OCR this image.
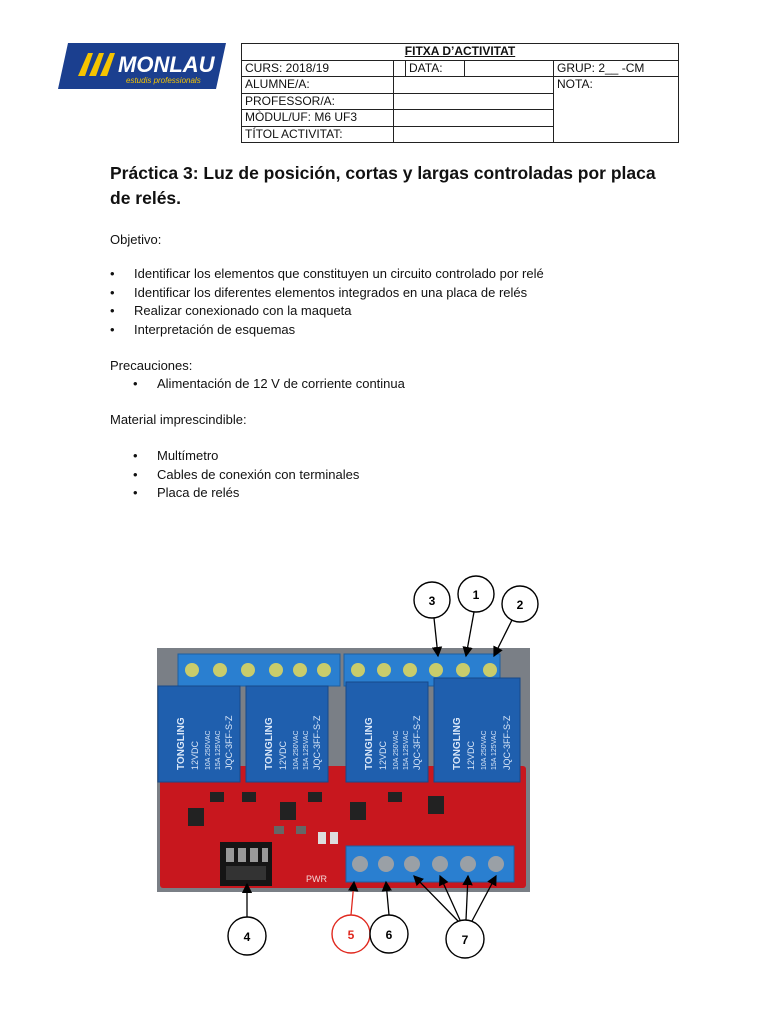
MONLAU
estudis professionals
FITXA D’ACTIVITAT				
CURS: 2018/19		DATA:		GRUP: 2__ -CM
ALUMNE/A:				NOTA:
PROFESSOR/A:				
MÒDUL/UF: M6 UF3				
TÍTOL ACTIVITAT:				
Práctica 3: Luz de posición, cortas y largas controladas por placa de relés.
Objetivo:
• Identificar los elementos que constituyen un circuito controlado por relé
• Identificar los diferentes elementos integrados en una placa de relés
• Realizar conexionado con la maqueta
• Interpretación de esquemas
Precauciones:
• Alimentación de 12 V de corriente continua
Material imprescindible:
• Multímetro
• Cables de conexión con terminales
• Placa de relés
TONGLING 12VDC 10A 250VAC 15A 125VAC JQC-3FF-S-Z	TONGLING 12VDC 10A 250VAC 15A 125VAC JQC-3FF-S-Z	TONGLING 12VDC 10A 250VAC 15A 125VAC JQC-3FF-S-Z	TONGLING 12VDC 10A 250VAC 15A 125VAC JQC-3FF-S-Z
PWR
1
2
3
4	5	6	7
